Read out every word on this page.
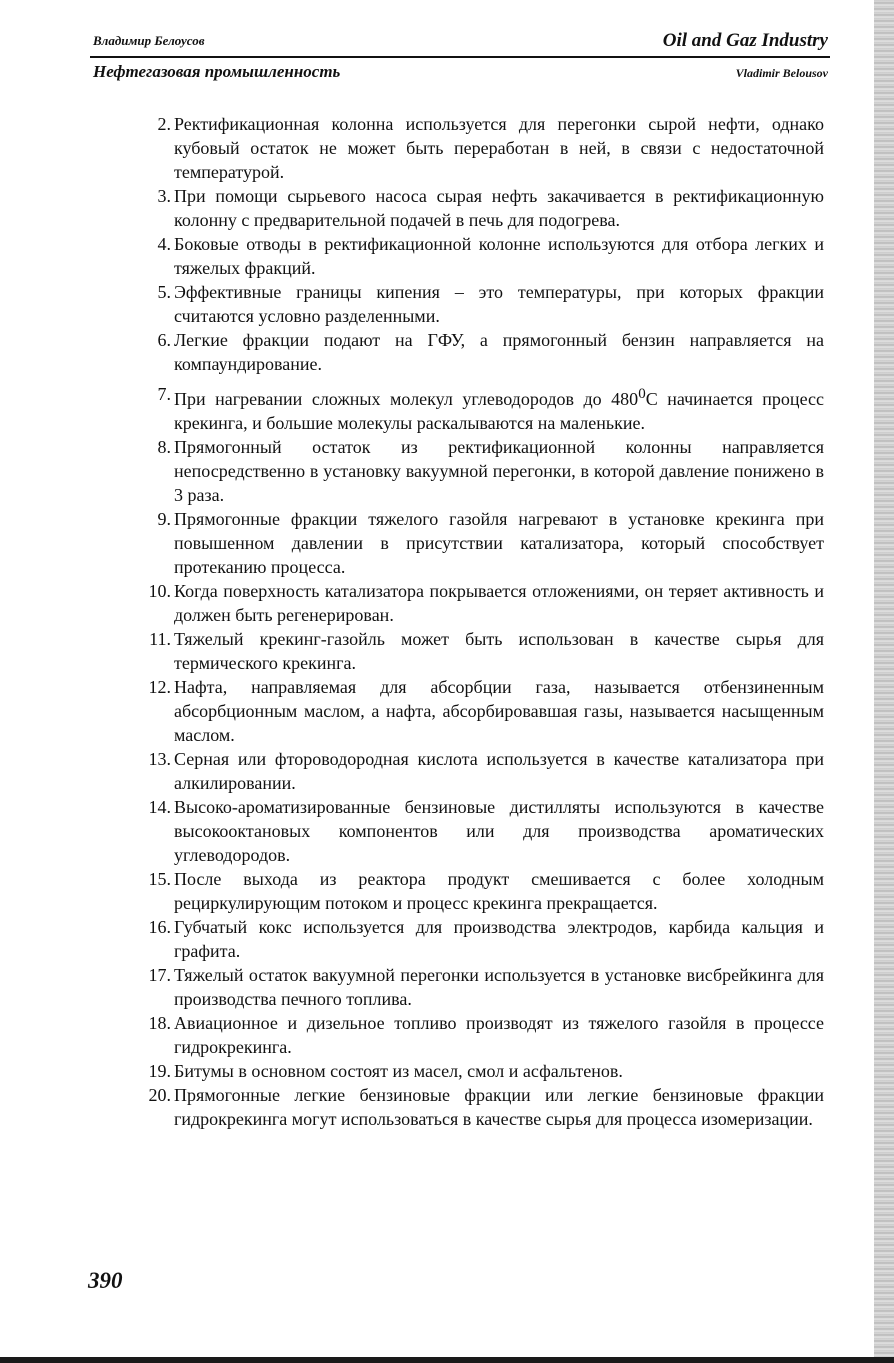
Владимир Белоусов	Oil and Gaz Industry
Нефтегазовая промышленность	Vladimir Belousov
2. Ректификационная колонна используется для перегонки сырой нефти, однако кубовый остаток не может быть переработан в ней, в связи с недостаточной температурой.
3. При помощи сырьевого насоса сырая нефть закачивается в ректификационную колонну с предварительной подачей в печь для подогрева.
4. Боковые отводы в ректификационной колонне используются для отбора легких и тяжелых фракций.
5. Эффективные границы кипения – это температуры, при которых фракции считаются условно разделенными.
6. Легкие фракции подают на ГФУ, а прямогонный бензин направляется на компаундирование.
7. При нагревании сложных молекул углеводородов до $480^0С$ начинается процесс крекинга, и большие молекулы раскалываются на маленькие.
8. Прямогонный остаток из ректификационной колонны направляется непосредственно в установку вакуумной перегонки, в которой давление понижено в 3 раза.
9. Прямогонные фракции тяжелого газойля нагревают в установке крекинга при повышенном давлении в присутствии катализатора, который способствует протеканию процесса.
10. Когда поверхность катализатора покрывается отложениями, он теряет активность и должен быть регенерирован.
11. Тяжелый крекинг-газойль может быть использован в качестве сырья для термического крекинга.
12. Нафта, направляемая для абсорбции газа, называется отбензиненным абсорбционным маслом, а нафта, абсорбировавшая газы, называется насыщенным маслом.
13. Серная или фтороводородная кислота используется в качестве катализатора при алкилировании.
14. Высоко-ароматизированные бензиновые дистилляты используются в качестве высокооктановых компонентов или для производства ароматических углеводородов.
15. После выхода из реактора продукт смешивается с более холодным рециркулирующим потоком и процесс крекинга прекращается.
16. Губчатый кокс используется для производства электродов, карбида кальция и графита.
17. Тяжелый остаток вакуумной перегонки используется в установке висбрейкинга для производства печного топлива.
18. Авиационное и дизельное топливо производят из тяжелого газойля в процессе гидрокрекинга.
19. Битумы в основном состоят из масел, смол и асфальтенов.
20. Прямогонные легкие бензиновые фракции или легкие бензиновые фракции гидрокрекинга могут использоваться в качестве сырья для процесса изомеризации.
390
